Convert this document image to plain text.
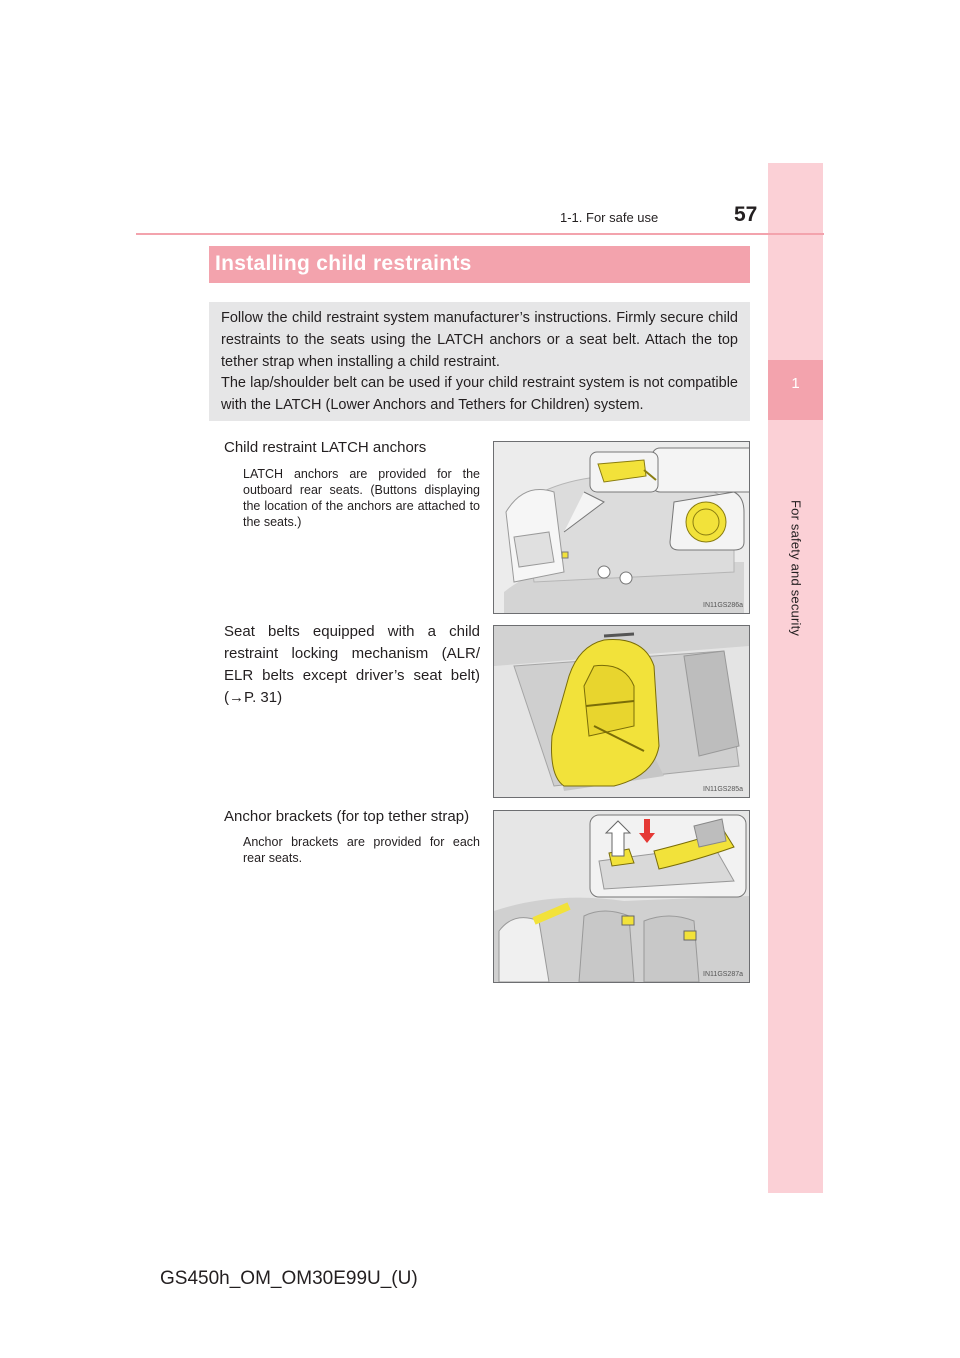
1
For safety and security
1-1. For safe use	57
Installing child restraints

Follow the child restraint system manufacturer’s instructions. Firmly secure child restraints to the seats using the LATCH anchors or a seat belt. Attach the top tether strap when installing a child restraint.

The lap/shoulder belt can be used if your child restraint system is not compatible with the LATCH (Lower Anchors and Tethers for Children) system.

Child restraint LATCH anchors
LATCH anchors are provided for the outboard rear seats. (Buttons displaying the location of the anchors are attached to the seats.)
IN11GS286a
Seat belts equipped with a child restraint locking mechanism (ALR/ ELR belts except driver’s seat belt) (→P. 31)
IN11GS285a
Anchor brackets (for top tether strap)
Anchor brackets are provided for each rear seats.
IN11GS287a
GS450h_OM_OM30E99U_(U)
